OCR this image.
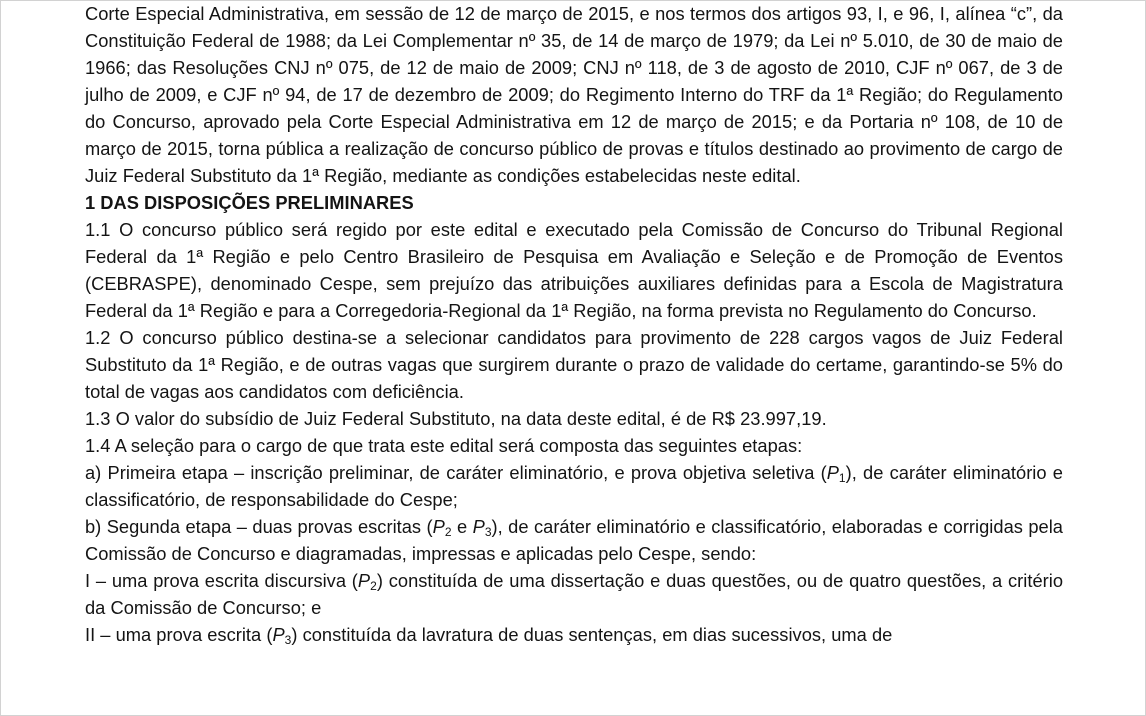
Corte Especial Administrativa, em sessão de 12 de março de 2015, e nos termos dos artigos 93, I, e 96, I, alínea “c”, da Constituição Federal de 1988; da Lei Complementar nº 35, de 14 de março de 1979; da Lei nº 5.010, de 30 de maio de 1966; das Resoluções CNJ nº 075, de 12 de maio de 2009; CNJ nº 118, de 3 de agosto de 2010, CJF nº 067, de 3 de julho de 2009, e CJF nº 94, de 17 de dezembro de 2009; do Regimento Interno do TRF da 1ª Região; do Regulamento do Concurso, aprovado pela Corte Especial Administrativa em 12 de março de 2015; e da Portaria nº 108, de 10 de março de 2015, torna pública a realização de concurso público de provas e títulos destinado ao provimento de cargo de Juiz Federal Substituto da 1ª Região, mediante as condições estabelecidas neste edital.

1 DAS DISPOSIÇÕES PRELIMINARES

1.1 O concurso público será regido por este edital e executado pela Comissão de Concurso do Tribunal Regional Federal da 1ª Região e pelo Centro Brasileiro de Pesquisa em Avaliação e Seleção e de Promoção de Eventos (CEBRASPE), denominado Cespe, sem prejuízo das atribuições auxiliares definidas para a Escola de Magistratura Federal da 1ª Região e para a Corregedoria-Regional da 1ª Região, na forma prevista no Regulamento do Concurso.

1.2 O concurso público destina-se a selecionar candidatos para provimento de 228 cargos vagos de Juiz Federal Substituto da 1ª Região, e de outras vagas que surgirem durante o prazo de validade do certame, garantindo-se 5% do total de vagas aos candidatos com deficiência.

1.3 O valor do subsídio de Juiz Federal Substituto, na data deste edital, é de R$ 23.997,19.

1.4 A seleção para o cargo de que trata este edital será composta das seguintes etapas:

a) Primeira etapa – inscrição preliminar, de caráter eliminatório, e prova objetiva seletiva $(P_1)$, de caráter eliminatório e classificatório, de responsabilidade do Cespe;

b) Segunda etapa – duas provas escritas ($P_2$ e $P_3$), de caráter eliminatório e classificatório, elaboradas e corrigidas pela Comissão de Concurso e diagramadas, impressas e aplicadas pelo Cespe, sendo:

I – uma prova escrita discursiva $(P_2)$ constituída de uma dissertação e duas questões, ou de quatro questões, a critério da Comissão de Concurso; e

II – uma prova escrita $(P_3)$ constituída da lavratura de duas sentenças, em dias sucessivos, uma de
